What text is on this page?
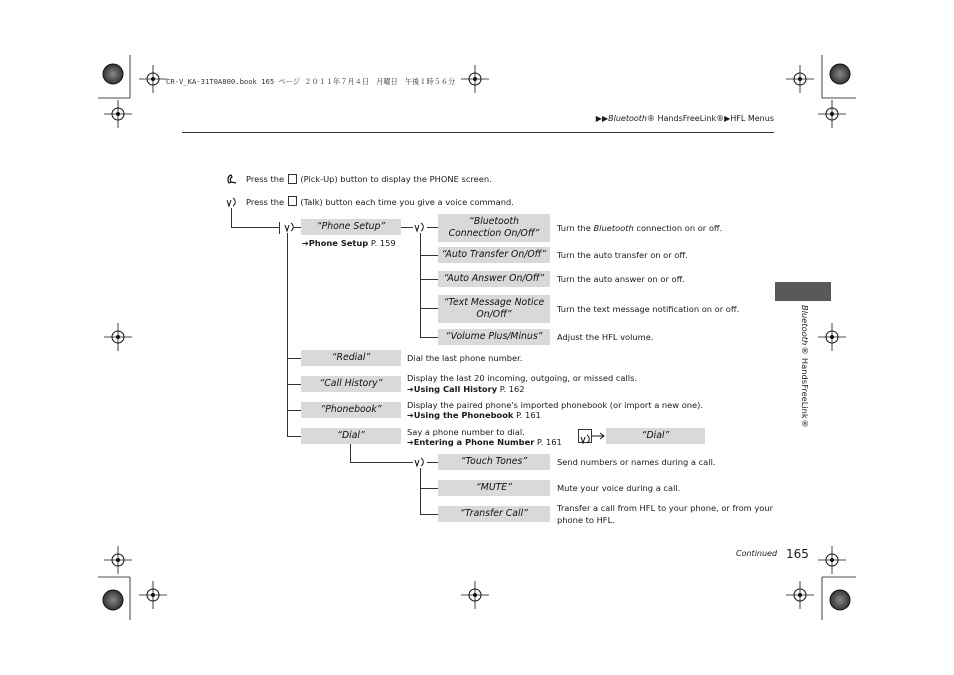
CR-V_KA-31T0A800.book 165 ページ ２０１１年７月４日　月曜日　午後１時５６分
▶▶Bluetooth® HandsFreeLink®▶HFL Menus
Bluetooth® HandsFreeLink®
Press the (Pick-Up) button to display the PHONE screen.
Press the (Talk) button each time you give a voice command.
“Phone Setup”
➔Phone Setup P. 159
“Redial”	Dial the last phone number.
“Call History”	Display the last 20 incoming, outgoing, or missed calls.
➔Using Call History P. 162
“Phonebook”	Display the paired phone's imported phonebook (or import a new one).
➔Using the Phonebook P. 161
“Dial”	Say a phone number to dial.
➔Entering a Phone Number P. 161
“Dial”
“Bluetooth
Connection On/Off” Turn the Bluetooth connection on or off.
“Auto Transfer On/Off”	Turn the auto transfer on or off.
“Auto Answer On/Off”	Turn the auto answer on or off.
“Text Message Notice
On/Off”	Turn the text message notification on or off.
“Volume Plus/Minus”	Adjust the HFL volume.
“Touch Tones”	Send numbers or names during a call.
“MUTE”	Mute your voice during a call.
“Transfer Call”	Transfer a call from HFL to your phone, or from your
phone to HFL.
Continued 165
